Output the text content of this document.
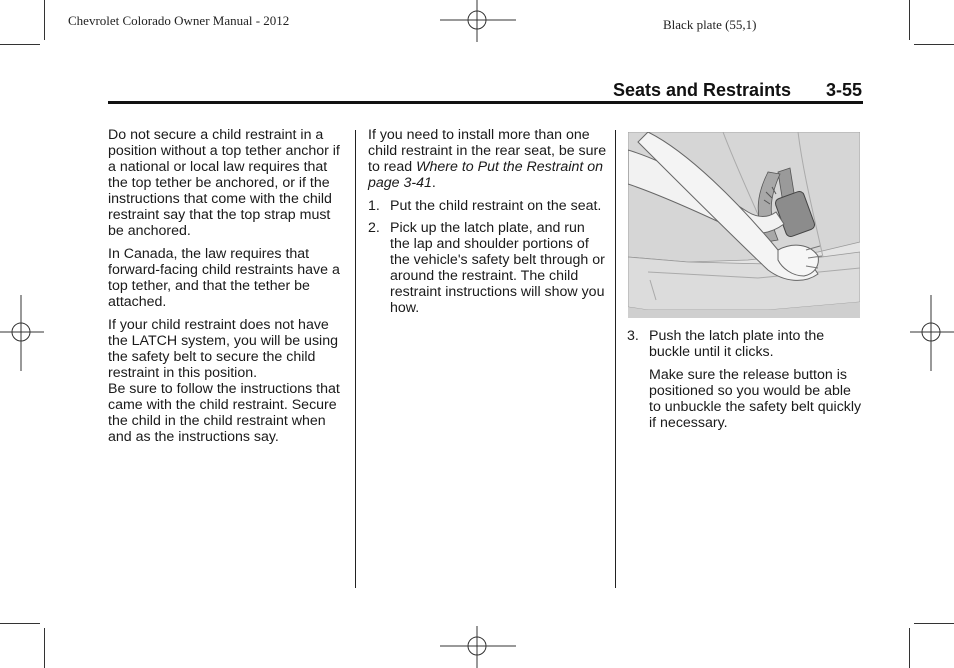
Chevrolet Colorado Owner Manual - 2012	Black plate (55,1)
Seats and Restraints 3-55

Do not secure a child restraint in a position without a top tether anchor if a national or local law requires that the top tether be anchored, or if the instructions that come with the child restraint say that the top strap must be anchored.

In Canada, the law requires that forward-facing child restraints have a top tether, and that the tether be attached.

If your child restraint does not have the LATCH system, you will be using the safety belt to secure the child restraint in this position.

Be sure to follow the instructions that came with the child restraint. Secure the child in the child restraint when and as the instructions say.

If you need to install more than one child restraint in the rear seat, be sure to read Where to Put the Restraint on page 3-41.

1. Put the child restraint on the seat.
2. Pick up the latch plate, and run the lap and shoulder portions of the vehicle's safety belt through or around the restraint. The child restraint instructions will show you how.
3. Push the latch plate into the buckle until it clicks.

Make sure the release button is positioned so you would be able to unbuckle the safety belt quickly if necessary.
